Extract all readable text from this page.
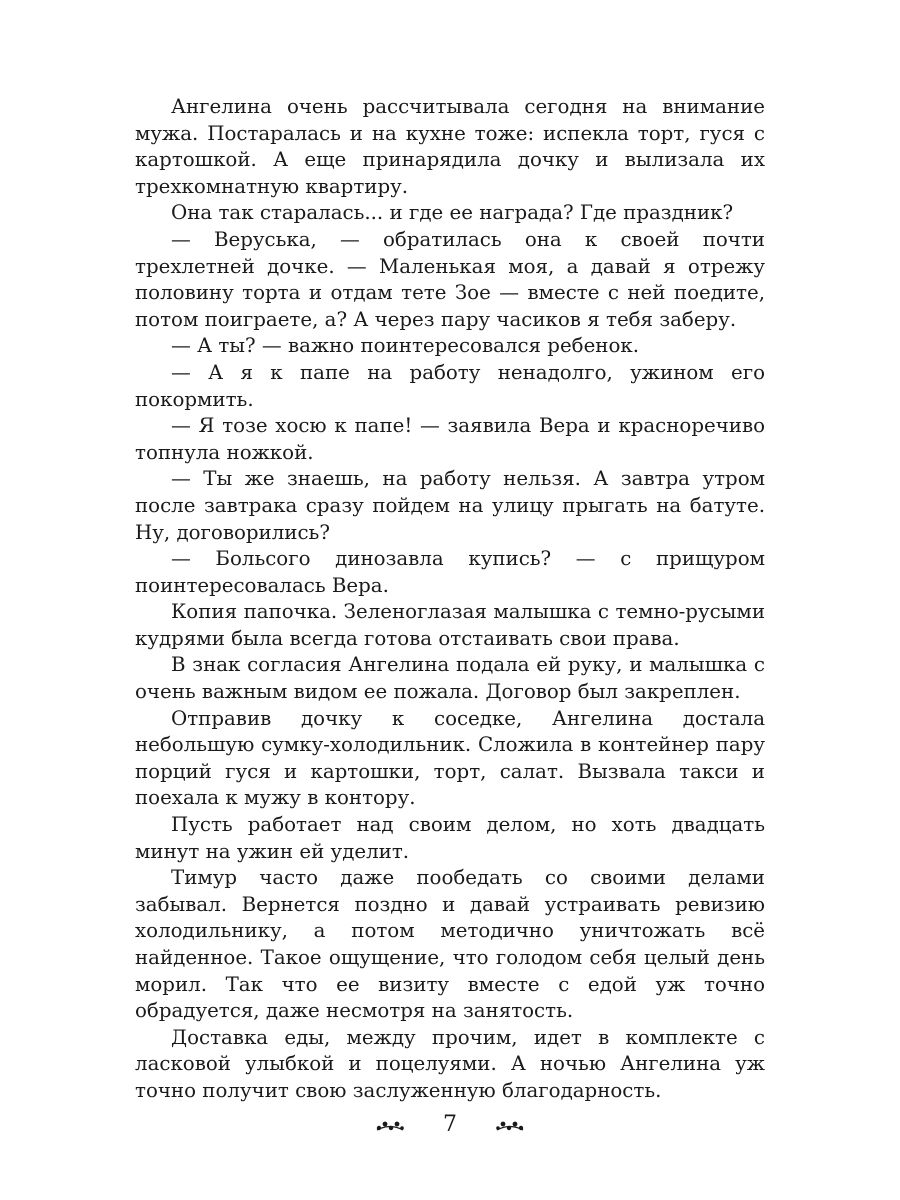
Ангелина очень рассчитывала сегодня на внимание мужа. Постаралась и на кухне тоже: испекла торт, гуся с картошкой. А еще принарядила дочку и вылизала их трехкомнатную квартиру.

Она так старалась... и где ее награда? Где праздник?

— Веруська, — обратилась она к своей почти трехлетней дочке. — Маленькая моя, а давай я отрежу половину торта и отдам тете Зое — вместе с ней поедите, потом поиграете, а? А через пару часиков я тебя заберу.

— А ты? — важно поинтересовался ребенок.

— А я к папе на работу ненадолго, ужином его покормить.

— Я тозе хосю к папе! — заявила Вера и красноречиво топнула ножкой.

— Ты же знаешь, на работу нельзя. А завтра утром после завтрака сразу пойдем на улицу прыгать на батуте. Ну, договорились?

— Больсого динозавла купись? — с прищуром поинтересовалась Вера.

Копия папочка. Зеленоглазая малышка с темно-русыми кудрями была всегда готова отстаивать свои права.

В знак согласия Ангелина подала ей руку, и малышка с очень важным видом ее пожала. Договор был закреплен.

Отправив дочку к соседке, Ангелина достала небольшую сумку-холодильник. Сложила в контейнер пару порций гуся и картошки, торт, салат. Вызвала такси и поехала к мужу в контору.

Пусть работает над своим делом, но хоть двадцать минут на ужин ей уделит.

Тимур часто даже пообедать со своими делами забывал. Вернется поздно и давай устраивать ревизию холодильнику, а потом методично уничтожать всё найденное. Такое ощущение, что голодом себя целый день морил. Так что ее визиту вместе с едой уж точно обрадуется, даже несмотря на занятость.

Доставка еды, между прочим, идет в комплекте с ласковой улыбкой и поцелуями. А ночью Ангелина уж точно получит свою заслуженную благодарность.

7
